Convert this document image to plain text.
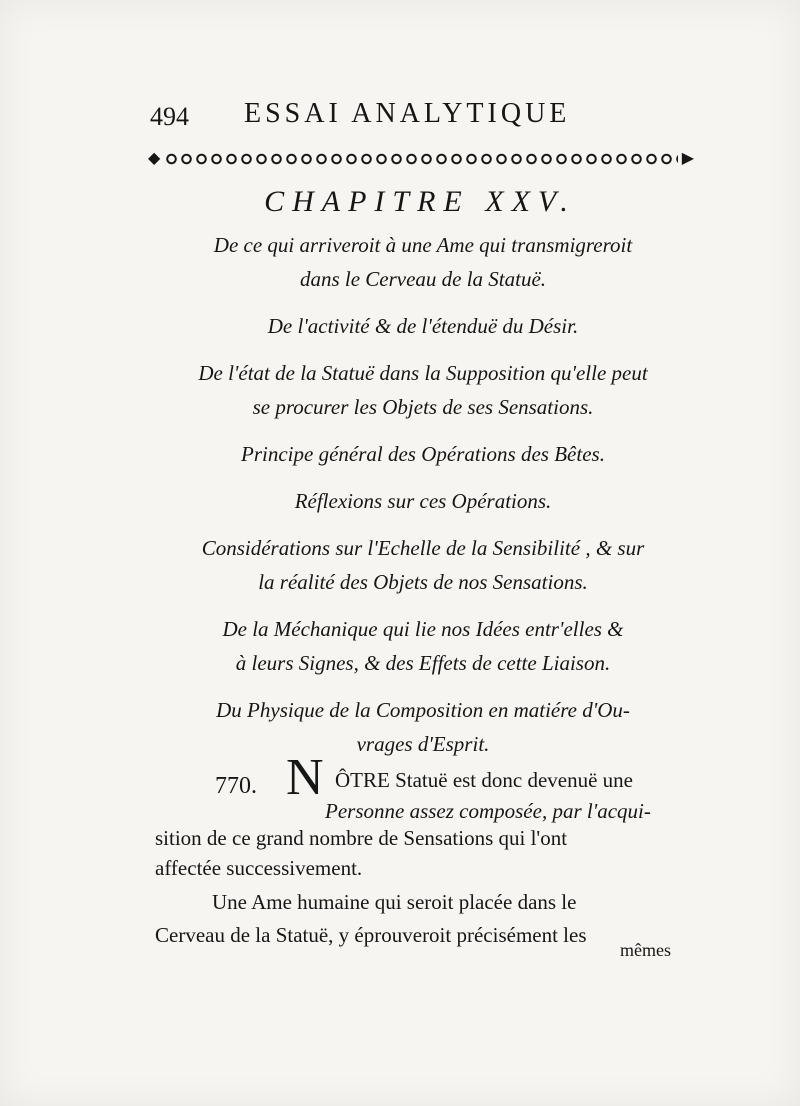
494 ESSAI ANALYTIQUE
◆	▶
CHAPITRE XXV.
De ce qui arriveroit à une Ame qui transmigreroit
dans le Cerveau de la Statuë.
De l'activité & de l'étenduë du Désir.
De l'état de la Statuë dans la Supposition qu'elle peut
se procurer les Objets de ses Sensations.
Principe général des Opérations des Bêtes.
Réflexions sur ces Opérations.
Considérations sur l'Echelle de la Sensibilité , & sur
la réalité des Objets de nos Sensations.
De la Méchanique qui lie nos Idées entr'elles &
à leurs Signes, & des Effets de cette Liaison.
Du Physique de la Composition en matiére d'Ou-
vrages d'Esprit.
770. N ÔTRE Statuë est donc devenuë une
Personne assez composée, par l'acqui-
sition de ce grand nombre de Sensations qui l'ont
affectée successivement.
Une Ame humaine qui seroit placée dans le
Cerveau de la Statuë, y éprouveroit précisément les
mêmes
